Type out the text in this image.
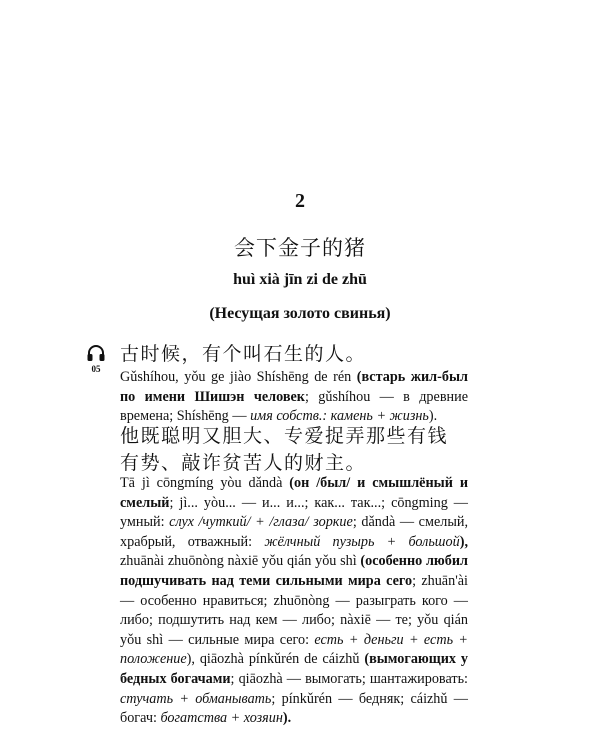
2
会下金子的猪
huì xià jīn zi de zhū
(Несущая золото свинья)
05

古时候，有个叫石生的人。

Gǔshíhou, yǒu ge jiào Shíshēng de rén (встарь жил-был по имени Шишэн человек; gǔshíhou — в древние времена; Shíshēng — имя собств.: камень + жизнь).

他既聪明又胆大、专爱捉弄那些有钱有势、敲诈贫苦人的财主。

Tā jì cōngmíng yòu dǎndà (он /был/ и смышлёный и смелый; jì... yòu... — и... и...; как... так...; cōngming — умный: слух /чуткий/ + /глаза/ зоркие; dǎndà — смелый, храбрый, отважный: жёлчный пузырь + большой), zhuānài zhuōnòng nàxiē yǒu qián yǒu shì (особенно любил подшучивать над теми сильными мира сего; zhuān'ài — особенно нравиться; zhuōnòng — разыграть кого — либо; подшутить над кем — либо; nàxiē — те; yǒu qián yǒu shì — сильные мира сего: есть + деньги + есть + положение), qiāozhà pínkǔrén de cáizhǔ (вымогающих у бедных богачами; qiāozhà — вымогать; шантажировать: стучать + обманывать; pínkǔrén — бедняк; cáizhǔ — богач: богатства + хозяин).
